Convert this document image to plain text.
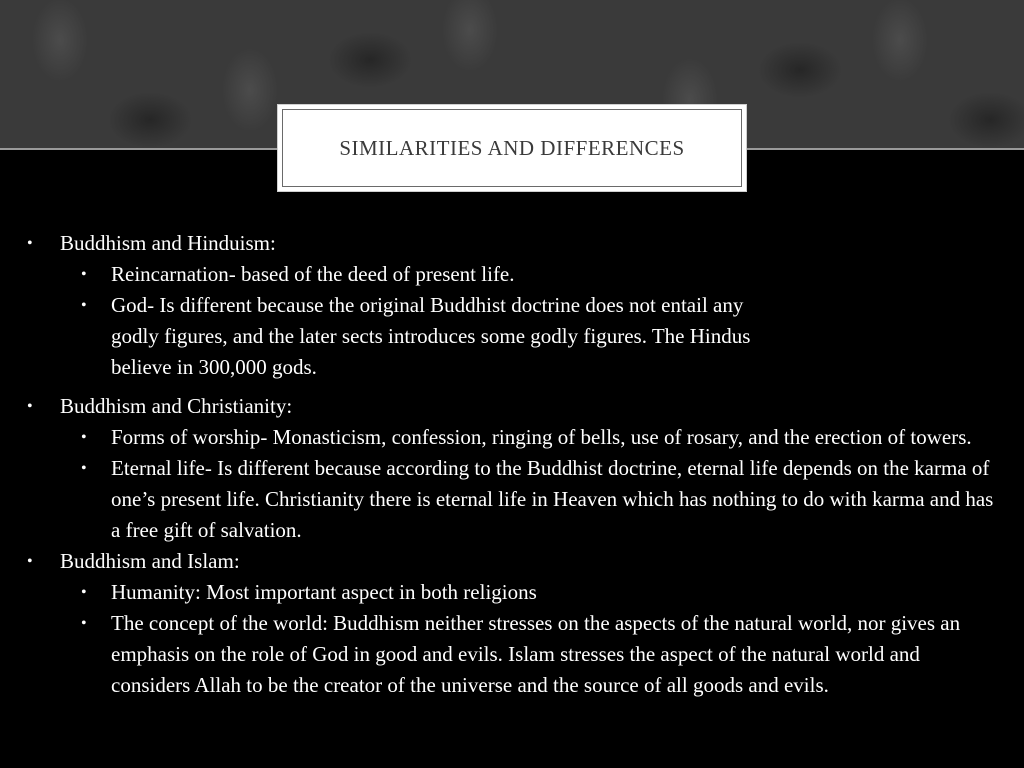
SIMILARITIES AND DIFFERENCES
• Buddhism and Hinduism:
• Reincarnation- based of the deed of present life.
• God- Is different because the original Buddhist doctrine does not entail any godly figures, and the later sects introduces some godly figures. The Hindus believe in 300,000 gods.
• Buddhism and Christianity:
• Forms of worship- Monasticism, confession, ringing of bells, use of rosary, and the erection of towers.
• Eternal life- Is different because according to the Buddhist doctrine, eternal life depends on the karma of one’s present life. Christianity there is eternal life in Heaven which has nothing to do with karma and has a free gift of salvation.
• Buddhism and Islam:
• Humanity: Most important aspect in both religions
• The concept of the world: Buddhism neither stresses on the aspects of the natural world, nor gives an emphasis on the role of God in good and evils. Islam stresses the aspect of the natural world and considers Allah to be the creator of the universe and the source of all goods and evils.
